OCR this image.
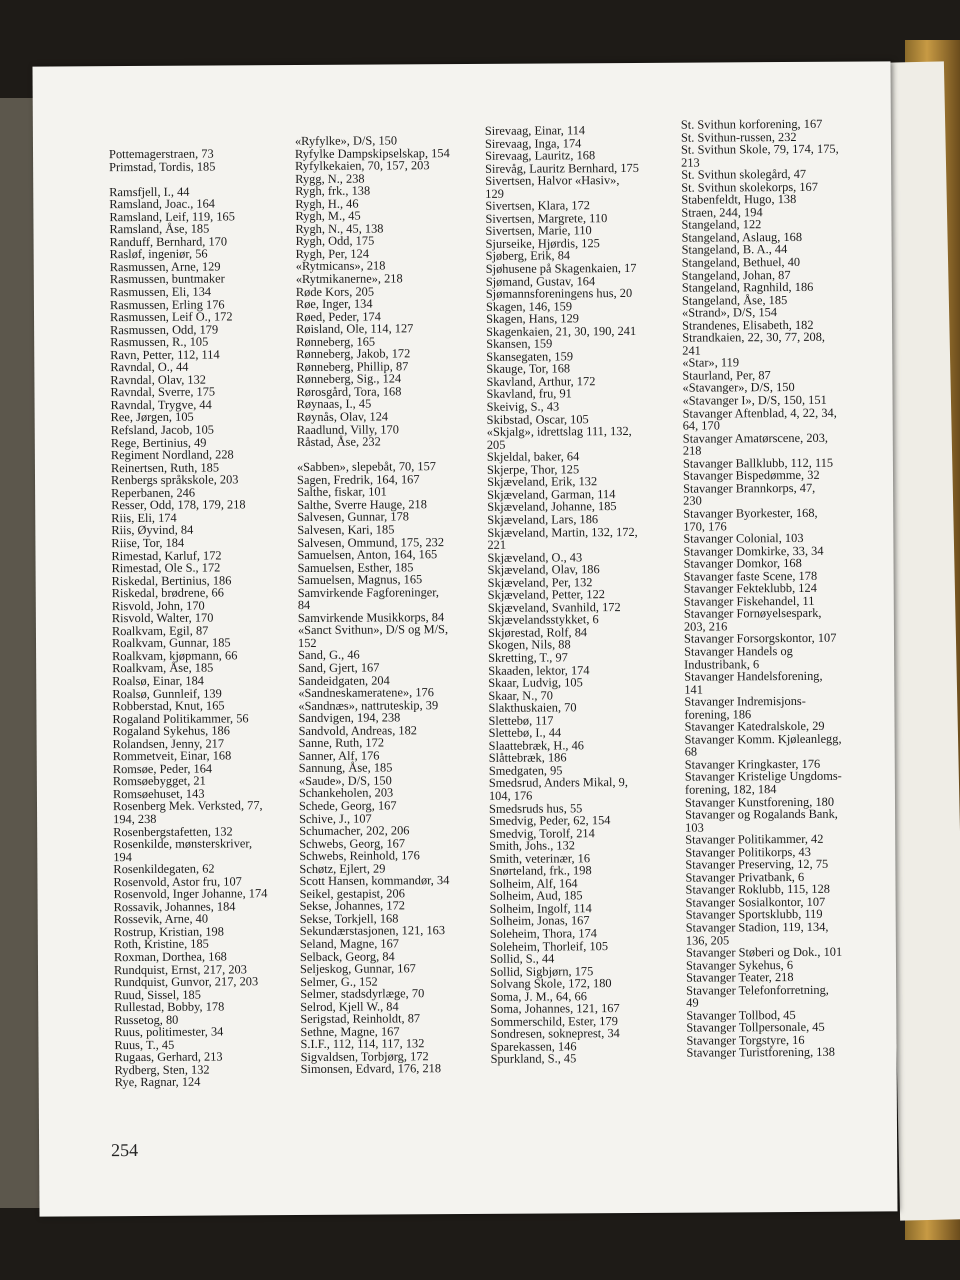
Pottemagerstraen, 73
Primstad, Tordis, 185
Ramsfjell, I., 44
Ramsland, Joac., 164
Ramsland, Leif, 119, 165
Ramsland, Åse, 185
Randuff, Bernhard, 170
Rasløf, ingeniør, 56
Rasmussen, Arne, 129
Rasmussen, buntmaker
Rasmussen, Eli, 134
Rasmussen, Erling 176
Rasmussen, Leif O., 172
Rasmussen, Odd, 179
Rasmussen, R., 105
Ravn, Petter, 112, 114
Ravndal, O., 44
Ravndal, Olav, 132
Ravndal, Sverre, 175
Ravndal, Trygve, 44
Ree, Jørgen, 105
Refsland, Jacob, 105
Rege, Bertinius, 49
Regiment Nordland, 228
Reinertsen, Ruth, 185
Renbergs språkskole, 203
Reperbanen, 246
Resser, Odd, 178, 179, 218
Riis, Eli, 174
Riis, Øyvind, 84
Riise, Tor, 184
Rimestad, Karluf, 172
Rimestad, Ole S., 172
Riskedal, Bertinius, 186
Riskedal, brødrene, 66
Risvold, John, 170
Risvold, Walter, 170
Roalkvam, Egil, 87
Roalkvam, Gunnar, 185
Roalkvam, kjøpmann, 66
Roalkvam, Åse, 185
Roalsø, Einar, 184
Roalsø, Gunnleif, 139
Robberstad, Knut, 165
Rogaland Politikammer, 56
Rogaland Sykehus, 186
Rolandsen, Jenny, 217
Rommetveit, Einar, 168
Romsøe, Peder, 164
Romsøebygget, 21
Romsøehuset, 143
Rosenberg Mek. Verksted, 77,
194, 238
Rosenbergstafetten, 132
Rosenkilde, mønsterskriver,
194
Rosenkildegaten, 62
Rosenvold, Astor fru, 107
Rosenvold, Inger Johanne, 174
Rossavik, Johannes, 184
Rossevik, Arne, 40
Rostrup, Kristian, 198
Roth, Kristine, 185
Roxman, Dorthea, 168
Rundquist, Ernst, 217, 203
Rundquist, Gunvor, 217, 203
Ruud, Sissel, 185
Rullestad, Bobby, 178
Russetog, 80
Ruus, politimester, 34
Ruus, T., 45
Rugaas, Gerhard, 213
Rydberg, Sten, 132
Rye, Ragnar, 124
«Ryfylke», D/S, 150
Ryfylke Dampskipselskap, 154
Ryfylkekaien, 70, 157, 203
Rygg, N., 238
Rygh, frk., 138
Rygh, H., 46
Rygh, M., 45
Rygh, N., 45, 138
Rygh, Odd, 175
Rygh, Per, 124
«Rytmicans», 218
«Rytmikanerne», 218
Røde Kors, 205
Røe, Inger, 134
Røed, Peder, 174
Røisland, Ole, 114, 127
Rønneberg, 165
Rønneberg, Jakob, 172
Rønneberg, Phillip, 87
Rønneberg, Sig., 124
Rørosgård, Tora, 168
Røynaas, I., 45
Røynås, Olav, 124
Raadlund, Villy, 170
Råstad, Åse, 232
«Sabben», slepebåt, 70, 157
Sagen, Fredrik, 164, 167
Salthe, fiskar, 101
Salthe, Sverre Hauge, 218
Salvesen, Gunnar, 178
Salvesen, Kari, 185
Salvesen, Ommund, 175, 232
Samuelsen, Anton, 164, 165
Samuelsen, Esther, 185
Samuelsen, Magnus, 165
Samvirkende Fagforeninger,
84
Samvirkende Musikkorps, 84
«Sanct Svithun», D/S og M/S,
152
Sand, G., 46
Sand, Gjert, 167
Sandeidgaten, 204
«Sandneskameratene», 176
«Sandnæs», nattruteskip, 39
Sandvigen, 194, 238
Sandvold, Andreas, 182
Sanne, Ruth, 172
Sanner, Alf, 176
Sannung, Åse, 185
«Saude», D/S, 150
Schankeholen, 203
Schede, Georg, 167
Schive, J., 107
Schumacher, 202, 206
Schwebs, Georg, 167
Schwebs, Reinhold, 176
Schøtz, Ejlert, 29
Scott Hansen, kommandør, 34
Seikel, gestapist, 206
Sekse, Johannes, 172
Sekse, Torkjell, 168
Sekundærstasjonen, 121, 163
Seland, Magne, 167
Selback, Georg, 84
Seljeskog, Gunnar, 167
Selmer, G., 152
Selmer, stadsdyrlæge, 70
Selrod, Kjell W., 84
Serigstad, Reinholdt, 87
Sethne, Magne, 167
S.I.F., 112, 114, 117, 132
Sigvaldsen, Torbjørg, 172
Simonsen, Edvard, 176, 218
Sirevaag, Einar, 114
Sirevaag, Inga, 174
Sirevaag, Lauritz, 168
Sirevåg, Lauritz Bernhard, 175
Sivertsen, Halvor «Hasiv»,
129
Sivertsen, Klara, 172
Sivertsen, Margrete, 110
Sivertsen, Marie, 110
Sjurseike, Hjørdis, 125
Sjøberg, Erik, 84
Sjøhusene på Skagenkaien, 17
Sjømand, Gustav, 164
Sjømannsforeningens hus, 20
Skagen, 146, 159
Skagen, Hans, 129
Skagenkaien, 21, 30, 190, 241
Skansen, 159
Skansegaten, 159
Skauge, Tor, 168
Skavland, Arthur, 172
Skavland, fru, 91
Skeivig, S., 43
Skibstad, Oscar, 105
«Skjalg», idrettslag 111, 132,
205
Skjeldal, baker, 64
Skjerpe, Thor, 125
Skjæveland, Erik, 132
Skjæveland, Garman, 114
Skjæveland, Johanne, 185
Skjæveland, Lars, 186
Skjæveland, Martin, 132, 172,
221
Skjæveland, O., 43
Skjæveland, Olav, 186
Skjæveland, Per, 132
Skjæveland, Petter, 122
Skjæveland, Svanhild, 172
Skjævelandsstykket, 6
Skjørestad, Rolf, 84
Skogen, Nils, 88
Skretting, T., 97
Skaaden, lektor, 174
Skaar, Ludvig, 105
Skaar, N., 70
Slakthuskaien, 70
Slettebø, 117
Slettebø, I., 44
Slaattebræk, H., 46
Slåttebræk, 186
Smedgaten, 95
Smedsrud, Anders Mikal, 9,
104, 176
Smedsruds hus, 55
Smedvig, Peder, 62, 154
Smedvig, Torolf, 214
Smith, Johs., 132
Smith, veterinær, 16
Snørteland, frk., 198
Solheim, Alf, 164
Solheim, Aud, 185
Solheim, Ingolf, 114
Solheim, Jonas, 167
Soleheim, Thora, 174
Soleheim, Thorleif, 105
Sollid, S., 44
Sollid, Sigbjørn, 175
Solvang Skole, 172, 180
Soma, J. M., 64, 66
Soma, Johannes, 121, 167
Sommerschild, Ester, 179
Sondresen, sokneprest, 34
Sparekassen, 146
Spurkland, S., 45
St. Svithun korforening, 167
St. Svithun-russen, 232
St. Svithun Skole, 79, 174, 175,
213
St. Svithun skolegård, 47
St. Svithun skolekorps, 167
Stabenfeldt, Hugo, 138
Straen, 244, 194
Stangeland, 122
Stangeland, Aslaug, 168
Stangeland, B. A., 44
Stangeland, Bethuel, 40
Stangeland, Johan, 87
Stangeland, Ragnhild, 186
Stangeland, Åse, 185
«Strand», D/S, 154
Strandenes, Elisabeth, 182
Strandkaien, 22, 30, 77, 208,
241
«Star», 119
Staurland, Per, 87
«Stavanger», D/S, 150
«Stavanger I», D/S, 150, 151
Stavanger Aftenblad, 4, 22, 34,
64, 170
Stavanger Amatørscene, 203,
218
Stavanger Ballklubb, 112, 115
Stavanger Bispedømme, 32
Stavanger Brannkorps, 47,
230
Stavanger Byorkester, 168,
170, 176
Stavanger Colonial, 103
Stavanger Domkirke, 33, 34
Stavanger Domkor, 168
Stavanger faste Scene, 178
Stavanger Fekteklubb, 124
Stavanger Fiskehandel, 11
Stavanger Fornøyelsespark,
203, 216
Stavanger Forsorgskontor, 107
Stavanger Handels og
Industribank, 6
Stavanger Handelsforening,
141
Stavanger Indremisjons-
forening, 186
Stavanger Katedralskole, 29
Stavanger Komm. Kjøleanlegg,
68
Stavanger Kringkaster, 176
Stavanger Kristelige Ungdoms-
forening, 182, 184
Stavanger Kunstforening, 180
Stavanger og Rogalands Bank,
103
Stavanger Politikammer, 42
Stavanger Politikorps, 43
Stavanger Preserving, 12, 75
Stavanger Privatbank, 6
Stavanger Roklubb, 115, 128
Stavanger Sosialkontor, 107
Stavanger Sportsklubb, 119
Stavanger Stadion, 119, 134,
136, 205
Stavanger Støberi og Dok., 101
Stavanger Sykehus, 6
Stavanger Teater, 218
Stavanger Telefonforretning,
49
Stavanger Tollbod, 45
Stavanger Tollpersonale, 45
Stavanger Torgstyre, 16
Stavanger Turistforening, 138
254
